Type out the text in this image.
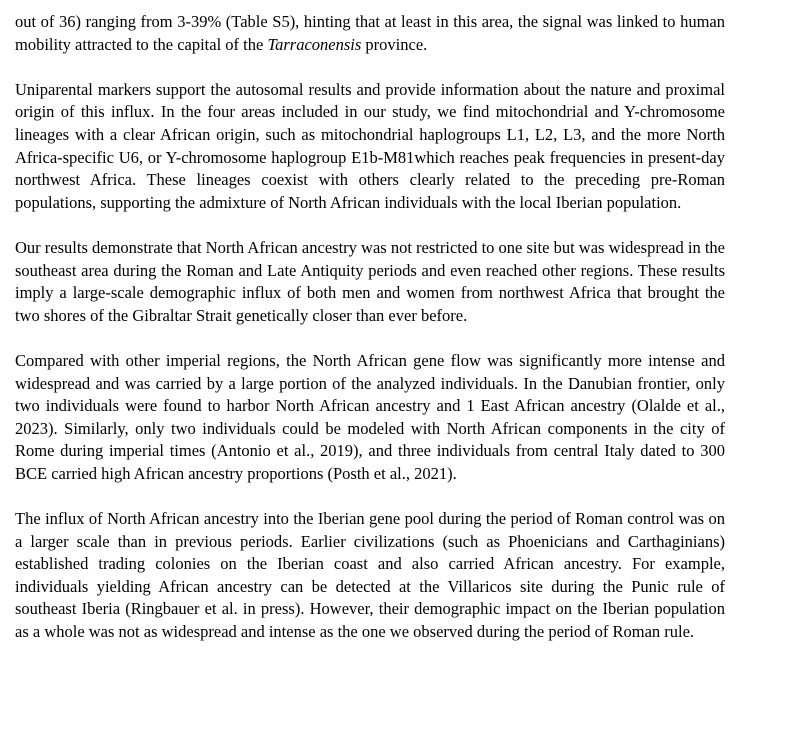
out of 36) ranging from 3-39% (Table S5), hinting that at least in this area, the signal was linked to human mobility attracted to the capital of the Tarraconensis province.

Uniparental markers support the autosomal results and provide information about the nature and proximal origin of this influx. In the four areas included in our study, we find mitochondrial and Y-chromosome lineages with a clear African origin, such as mitochondrial haplogroups L1, L2, L3, and the more North Africa-specific U6, or Y-chromosome haplogroup E1b-M81which reaches peak frequencies in present-day northwest Africa. These lineages coexist with others clearly related to the preceding pre-Roman populations, supporting the admixture of North African individuals with the local Iberian population.

Our results demonstrate that North African ancestry was not restricted to one site but was widespread in the southeast area during the Roman and Late Antiquity periods and even reached other regions. These results imply a large-scale demographic influx of both men and women from northwest Africa that brought the two shores of the Gibraltar Strait genetically closer than ever before.

Compared with other imperial regions, the North African gene flow was significantly more intense and widespread and was carried by a large portion of the analyzed individuals. In the Danubian frontier, only two individuals were found to harbor North African ancestry and 1 East African ancestry (Olalde et al., 2023). Similarly, only two individuals could be modeled with North African components in the city of Rome during imperial times (Antonio et al., 2019), and three individuals from central Italy dated to 300 BCE carried high African ancestry proportions (Posth et al., 2021).

The influx of North African ancestry into the Iberian gene pool during the period of Roman control was on a larger scale than in previous periods. Earlier civilizations (such as Phoenicians and Carthaginians) established trading colonies on the Iberian coast and also carried African ancestry. For example, individuals yielding African ancestry can be detected at the Villaricos site during the Punic rule of southeast Iberia (Ringbauer et al. in press). However, their demographic impact on the Iberian population as a whole was not as widespread and intense as the one we observed during the period of Roman rule.
